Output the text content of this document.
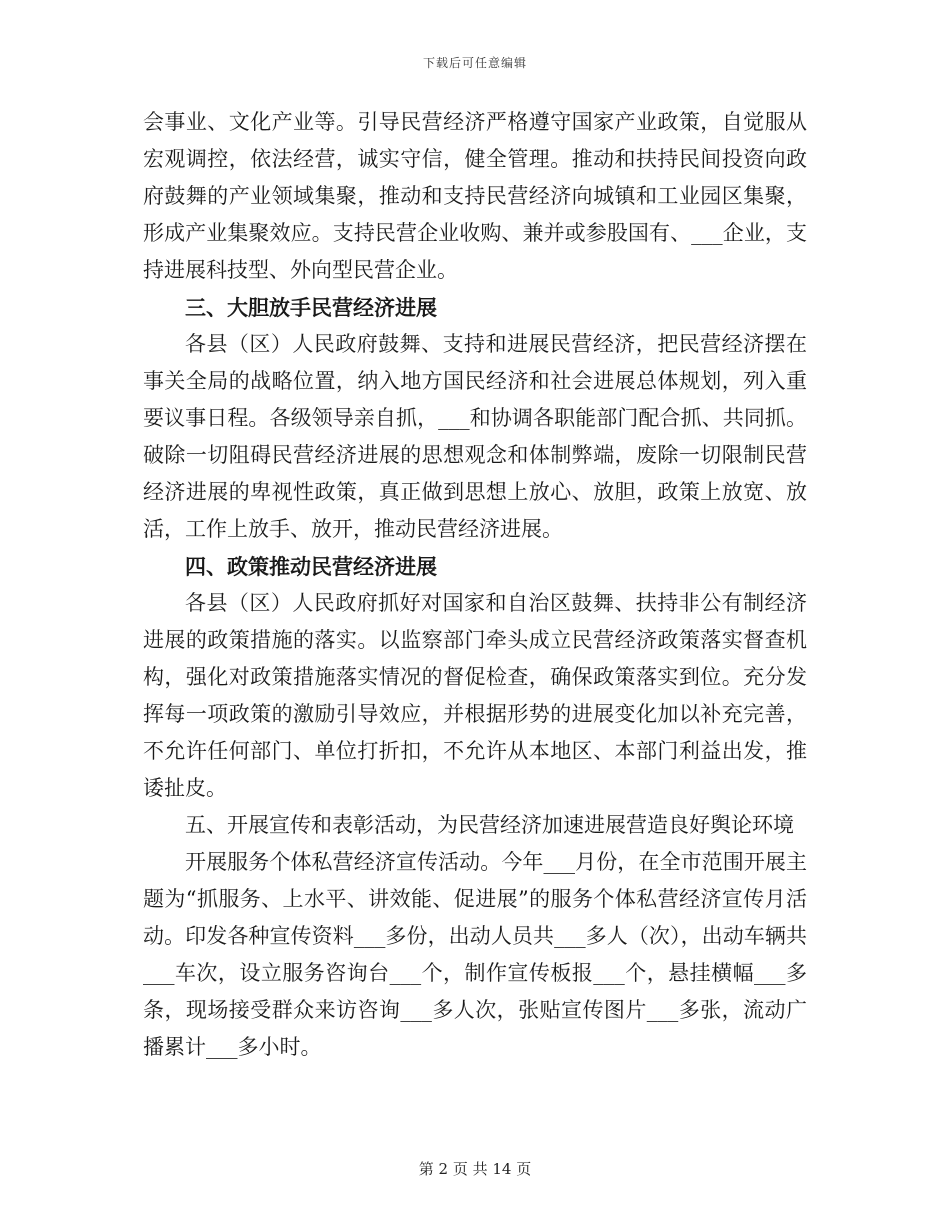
下载后可任意编辑

会事业、文化产业等。引导民营经济严格遵守国家产业政策，自觉服从宏观调控，依法经营，诚实守信，健全管理。推动和扶持民间投资向政府鼓舞的产业领域集聚，推动和支持民营经济向城镇和工业园区集聚，形成产业集聚效应。支持民营企业收购、兼并或参股国有、___企业，支持进展科技型、外向型民营企业。

三、大胆放手民营经济进展

各县（区）人民政府鼓舞、支持和进展民营经济，把民营经济摆在事关全局的战略位置，纳入地方国民经济和社会进展总体规划，列入重要议事日程。各级领导亲自抓，___和协调各职能部门配合抓、共同抓。破除一切阻碍民营经济进展的思想观念和体制弊端，废除一切限制民营经济进展的卑视性政策，真正做到思想上放心、放胆，政策上放宽、放活，工作上放手、放开，推动民营经济进展。

四、政策推动民营经济进展

各县（区）人民政府抓好对国家和自治区鼓舞、扶持非公有制经济进展的政策措施的落实。以监察部门牵头成立民营经济政策落实督查机构，强化对政策措施落实情况的督促检查，确保政策落实到位。充分发挥每一项政策的激励引导效应，并根据形势的进展变化加以补充完善，不允许任何部门、单位打折扣，不允许从本地区、本部门利益出发，推诿扯皮。

五、开展宣传和表彰活动，为民营经济加速进展营造良好舆论环境

开展服务个体私营经济宣传活动。今年___月份，在全市范围开展主题为“抓服务、上水平、讲效能、促进展”的服务个体私营经济宣传月活动。印发各种宣传资料___多份，出动人员共___多人（次），出动车辆共___车次，设立服务咨询台___个，制作宣传板报___个，悬挂横幅___多条，现场接受群众来访咨询___多人次，张贴宣传图片___多张，流动广播累计___多小时。

第 2 页 共 14 页
